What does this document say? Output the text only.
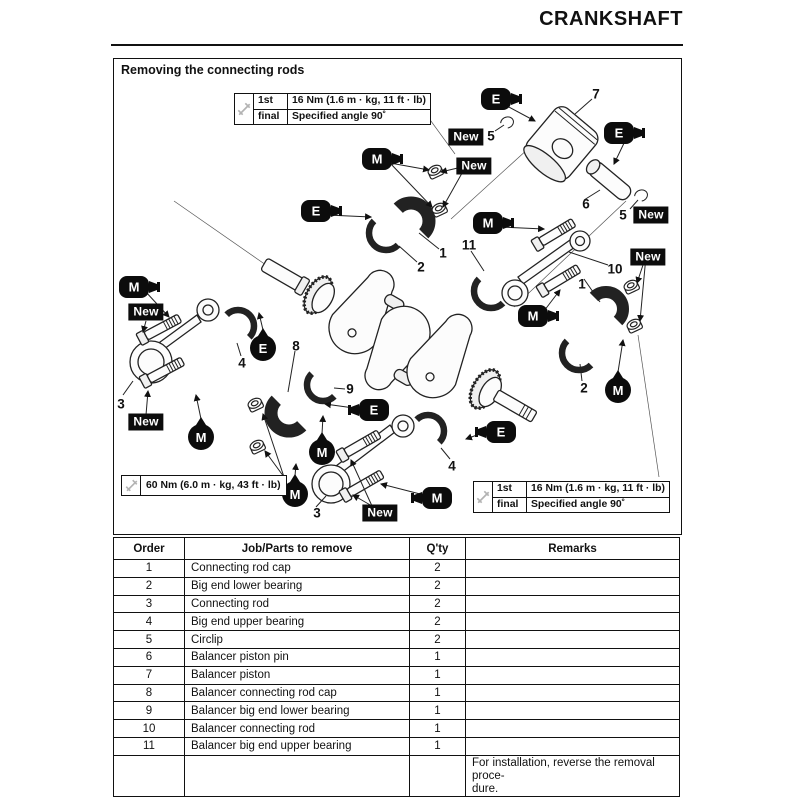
CRANKSHAFT
E
E
M
E
M
M
M
E
E
M
E
M
M
M
M
Removing the connecting rods
1st	16 Nm (1.6 m · kg, 11 ft · lb)
final	Specified angle 90˚
1st	16 Nm (1.6 m · kg, 11 ft · lb)
final	Specified angle 90˚
60 Nm (6.0 m · kg, 43 ft · lb)
New
New
New
New
New
New
New
7
5
6
5
10
11
1
2
1
2
8
9
4
4
3
3
Order	Job/Parts to remove	Q'ty	Remarks
1	Connecting rod cap	2	
2	Big end lower bearing	2	
3	Connecting rod	2	
4	Big end upper bearing	2	
5	Circlip	2	
6	Balancer piston pin	1	
7	Balancer piston	1	
8	Balancer connecting rod cap	1	
9	Balancer big end lower bearing	1	
10	Balancer connecting rod	1	
11	Balancer big end upper bearing	1	

			For installation, reverse the removal proce-
dure.
